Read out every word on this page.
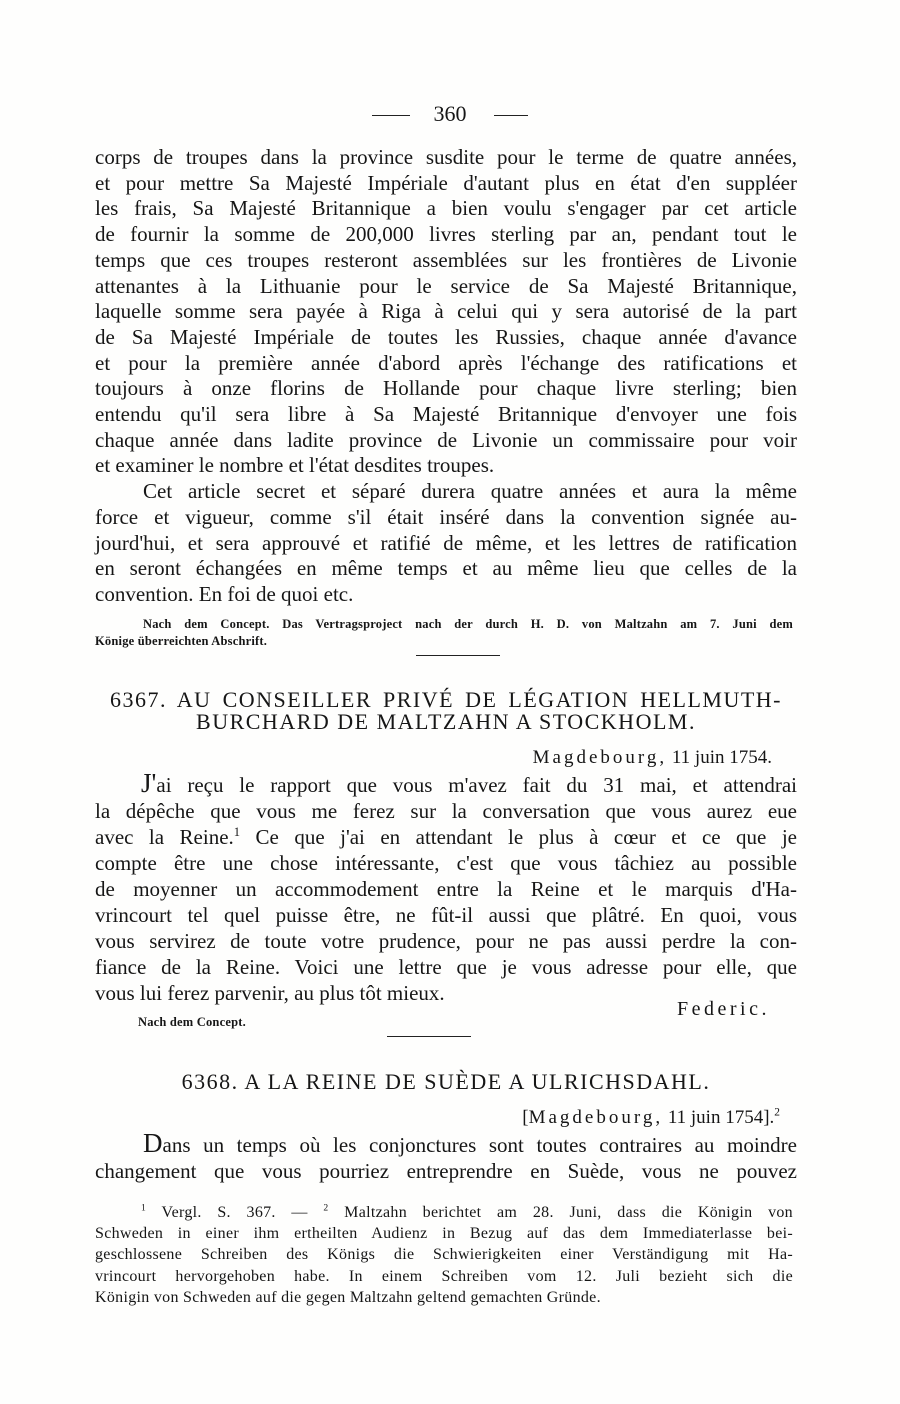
360
corps de troupes dans la province susdite pour le terme de quatre années,
et pour mettre Sa Majesté Impériale d'autant plus en état d'en suppléer
les frais, Sa Majesté Britannique a bien voulu s'engager par cet article
de fournir la somme de 200,000 livres sterling par an, pendant tout le
temps que ces troupes resteront assemblées sur les frontières de Livonie
attenantes à la Lithuanie pour le service de Sa Majesté Britannique,
laquelle somme sera payée à Riga à celui qui y sera autorisé de la part
de Sa Majesté Impériale de toutes les Russies, chaque année d'avance
et pour la première année d'abord après l'échange des ratifications et
toujours à onze florins de Hollande pour chaque livre sterling; bien
entendu qu'il sera libre à Sa Majesté Britannique d'envoyer une fois
chaque année dans ladite province de Livonie un commissaire pour voir
et examiner le nombre et l'état desdites troupes.
Cet article secret et séparé durera quatre années et aura la même
force et vigueur, comme s'il était inséré dans la convention signée au-
jourd'hui, et sera approuvé et ratifié de même, et les lettres de ratification
en seront échangées en même temps et au même lieu que celles de la
convention. En foi de quoi etc.
Nach dem Concept. Das Vertragsproject nach der durch H. D. von Maltzahn am 7. Juni dem
Könige überreichten Abschrift.
6367. AU CONSEILLER PRIVÉ DE LÉGATION HELLMUTH-
BURCHARD DE MALTZAHN A STOCKHOLM.
Magdebourg, 11 juin 1754.
J'ai reçu le rapport que vous m'avez fait du 31 mai, et attendrai
la dépêche que vous me ferez sur la conversation que vous aurez eue
avec la Reine.$^1$ Ce que j'ai en attendant le plus à cœur et ce que je
compte être une chose intéressante, c'est que vous tâchiez au possible
de moyenner un accommodement entre la Reine et le marquis d'Ha-
vrincourt tel quel puisse être, ne fût-il aussi que plâtré. En quoi, vous
vous servirez de toute votre prudence, pour ne pas aussi perdre la con-
fiance de la Reine. Voici une lettre que je vous adresse pour elle, que
vous lui ferez parvenir, au plus tôt mieux.
Federic.
Nach dem Concept.
6368. A LA REINE DE SUÈDE A ULRICHSDAHL.
[Magdebourg, 11 juin 1754].$^2$
Dans un temps où les conjonctures sont toutes contraires au moindre
changement que vous pourriez entreprendre en Suède, vous ne pouvez
$^1$ Vergl. S. 367. — $^2$ Maltzahn berichtet am 28. Juni, dass die Königin von
Schweden in einer ihm ertheilten Audienz in Bezug auf das dem Immediaterlasse bei-
geschlossene Schreiben des Königs die Schwierigkeiten einer Verständigung mit Ha-
vrincourt hervorgehoben habe. In einem Schreiben vom 12. Juli bezieht sich die
Königin von Schweden auf die gegen Maltzahn geltend gemachten Gründe.
